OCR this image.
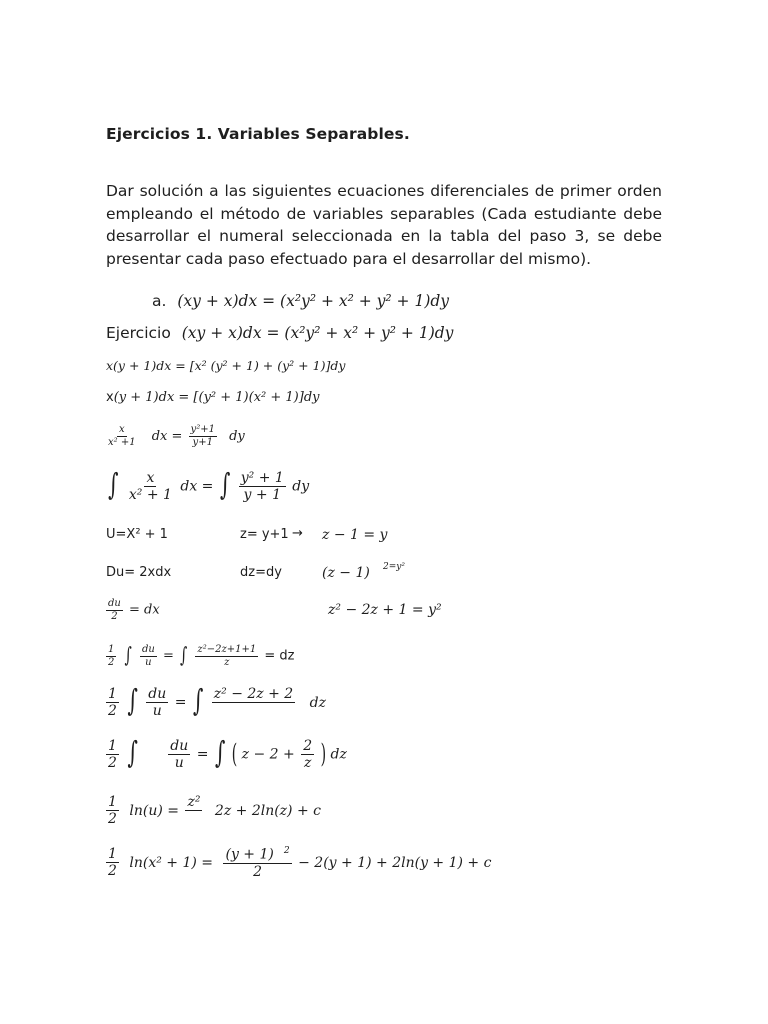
Ejercicios 1. Variables Separables.
Dar solución a las siguientes ecuaciones diferenciales de primer orden empleando el método de variables separables (Cada estudiante debe desarrollar el numeral seleccionada en la tabla del paso 3, se debe presentar cada paso efectuado para el desarrollar del mismo).
a. (xy + x)dx = (x²y² + x² + y² + 1)dy
Ejercicio (xy + x)dx = (x²y² + x² + y² + 1)dy
x(y + 1)dx = [x² (y² + 1) + (y² + 1)]dy
x(y + 1)dx = [(y² + 1)(x² + 1)]dy
$\frac{x}{\text{x² +1}}$ dx = $\frac{\text{y²+1}}{y+1}$ dy
∫ $\frac{x}{\text{x² + 1}}$ dx = ∫ $\frac{\text{y² + 1}}{y + 1}$ dy
U=X² + 1	z= y+1 → z − 1 = y
Du= 2xdx	dz=dy	(z − 1) 2=y²
$\frac{du}{2}$ = dx	z² − 2z + 1 = y²
$\frac{1}{2}$ ∫ $\frac{du}{u}$ = ∫ $\frac{\text{z²−2z+1+1}}{z}$ = dz
$\frac{1}{2}$ ∫ $\frac{du}{u}$ = ∫ z² − 2z + 2

dz
$\frac{1}{2}$ ∫ $\frac{du}{u}$ = ∫ ( $z - 2 + \frac{2}{z}$ ) dz
$\frac{1}{2} \ln(u)$ =
z²

2z + 2ln(z) + c
$\frac{1}{2} \ln(x^2 + 1) = \frac{(y + 1) ^2}{2} - 2(y + 1) + 2\ln(y + 1) + c$
